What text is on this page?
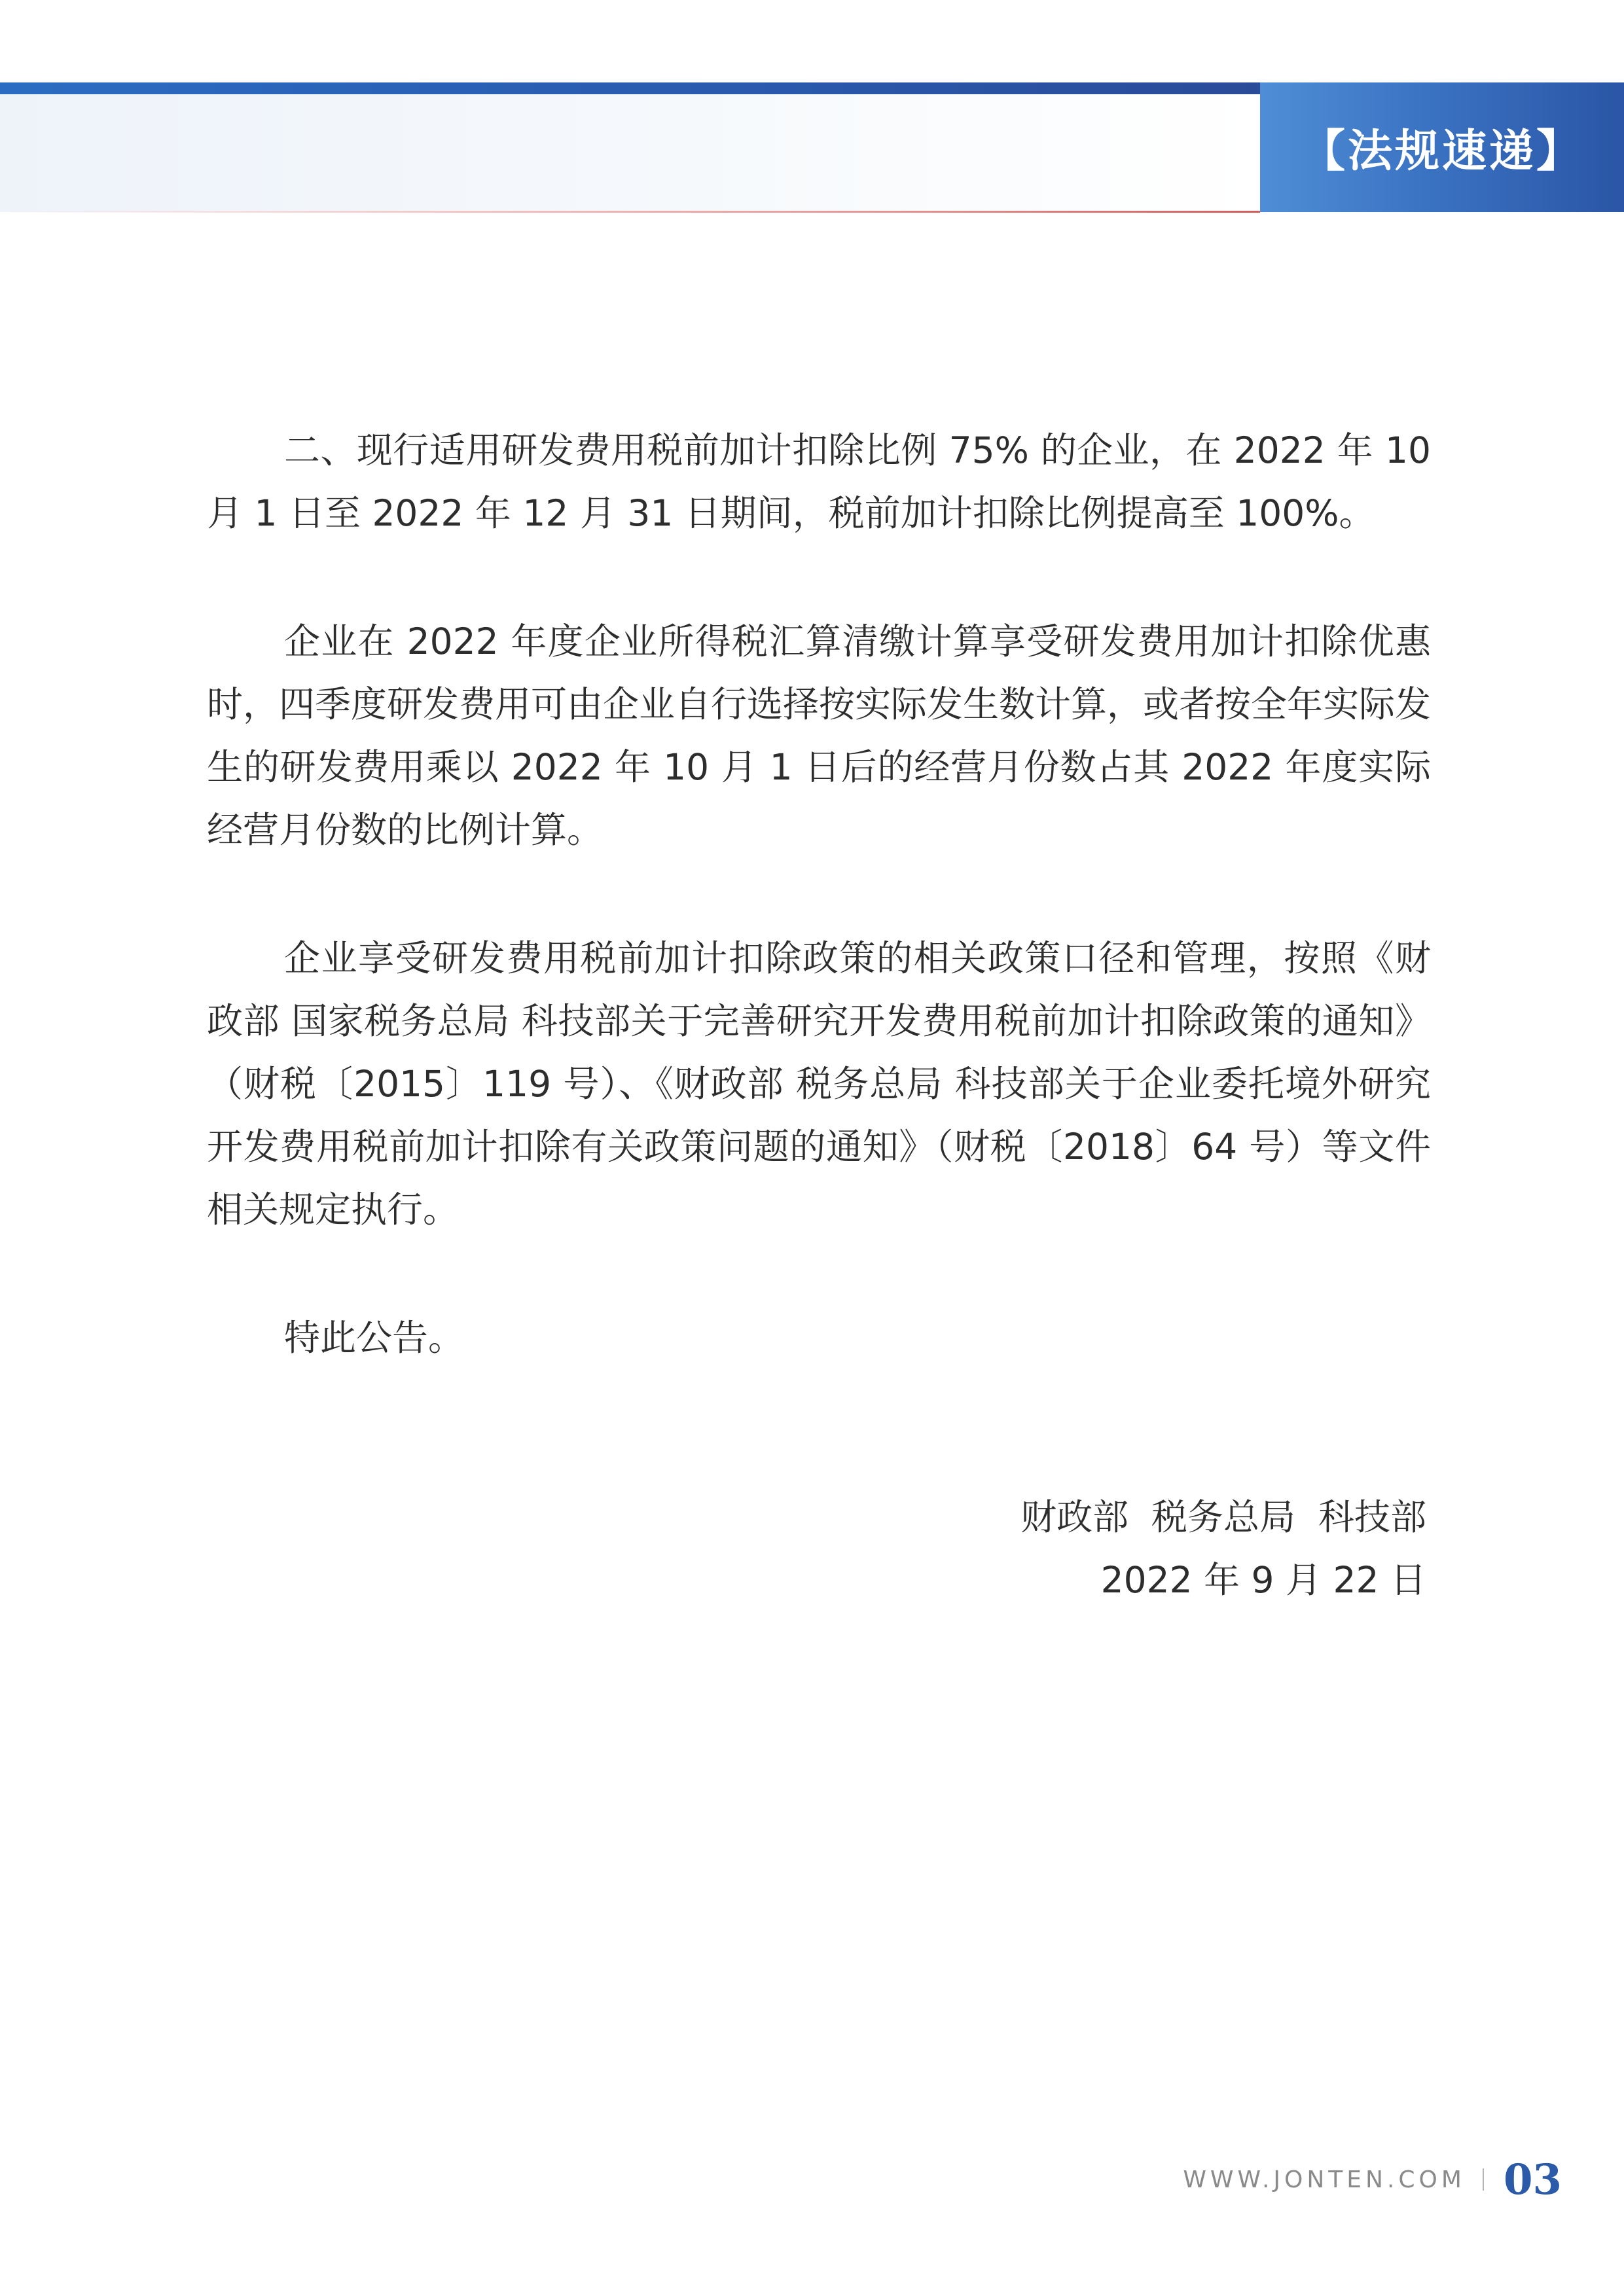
【法规速递】

二、现行适用研发费用税前加计扣除比例 75% 的企业，在 2022 年 10 月 1 日至 2022 年 12 月 31 日期间，税前加计扣除比例提高至 100%。

企业在 2022 年度企业所得税汇算清缴计算享受研发费用加计扣除优惠时，四季度研发费用可由企业自行选择按实际发生数计算，或者按全年实际发生的研发费用乘以 2022 年 10 月 1 日后的经营月份数占其 2022 年度实际经营月份数的比例计算。

企业享受研发费用税前加计扣除政策的相关政策口径和管理，按照《财政部 国家税务总局 科技部关于完善研究开发费用税前加计扣除政策的通知》（财税〔2015〕119 号）、《财政部 税务总局 科技部关于企业委托境外研究开发费用税前加计扣除有关政策问题的通知》（财税〔2018〕64 号）等文件相关规定执行。

特此公告。

财政部  税务总局  科技部
2022 年 9 月 22 日
WWW.JONTEN.COM 03
